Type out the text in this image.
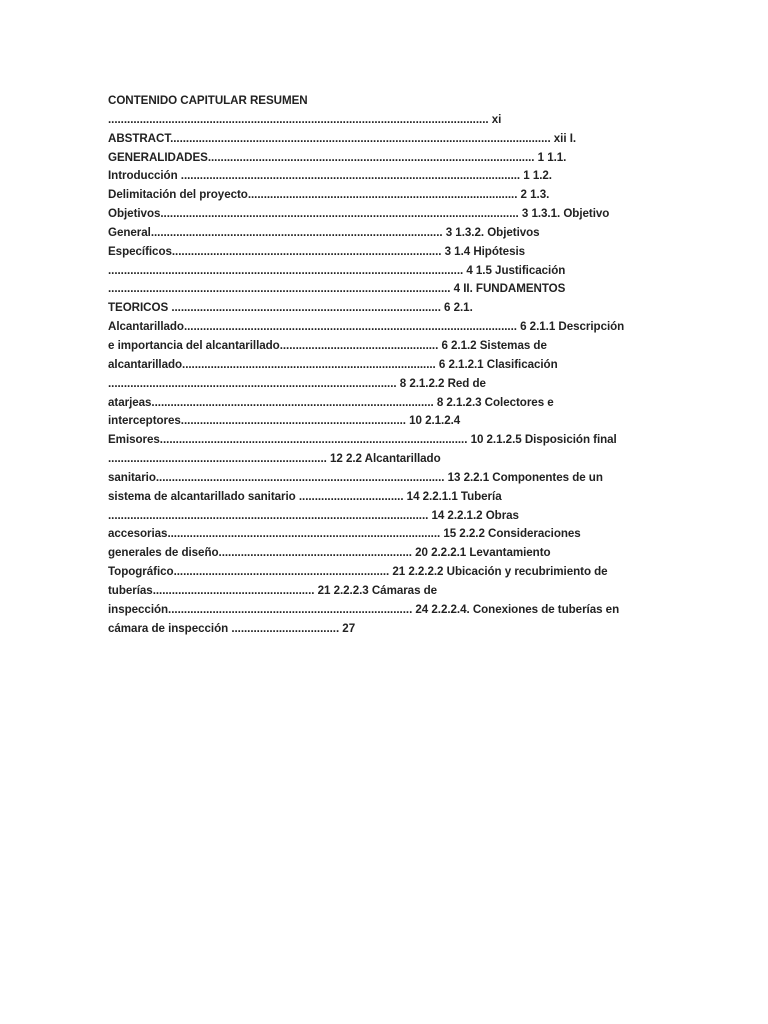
CONTENIDO CAPITULAR RESUMEN
........................................................................................................................ xi
ABSTRACT........................................................................................................................ xii I.
GENERALIDADES....................................................................................................... 1 1.1.
Introducción ........................................................................................................... 1 1.2.
Delimitación del proyecto..................................................................................... 2 1.3.
Objetivos................................................................................................................. 3 1.3.1. Objetivo
General............................................................................................ 3 1.3.2. Objetivos
Específicos..................................................................................... 3 1.4 Hipótesis
................................................................................................................ 4 1.5 Justificación
............................................................................................................ 4 II. FUNDAMENTOS
TEORICOS ..................................................................................... 6 2.1.
Alcantarillado......................................................................................................... 6 2.1.1 Descripción
e importancia del alcantarillado.................................................. 6 2.1.2 Sistemas de
alcantarillado................................................................................ 6 2.1.2.1 Clasificación
........................................................................................... 8 2.1.2.2 Red de
atarjeas......................................................................................... 8 2.1.2.3 Colectores e
interceptores....................................................................... 10 2.1.2.4
Emisores................................................................................................. 10 2.1.2.5 Disposición final
..................................................................... 12 2.2 Alcantarillado
sanitario........................................................................................... 13 2.2.1 Componentes de un
sistema de alcantarillado sanitario ................................. 14 2.2.1.1 Tubería
..................................................................................................... 14 2.2.1.2 Obras
accesorias...................................................................................... 15 2.2.2 Consideraciones
generales de diseño............................................................. 20 2.2.2.1 Levantamiento
Topográfico.................................................................... 21 2.2.2.2 Ubicación y recubrimiento de
tuberías................................................... 21 2.2.2.3 Cámaras de
inspección............................................................................. 24 2.2.2.4. Conexiones de tuberías en
cámara de inspección .................................. 27
